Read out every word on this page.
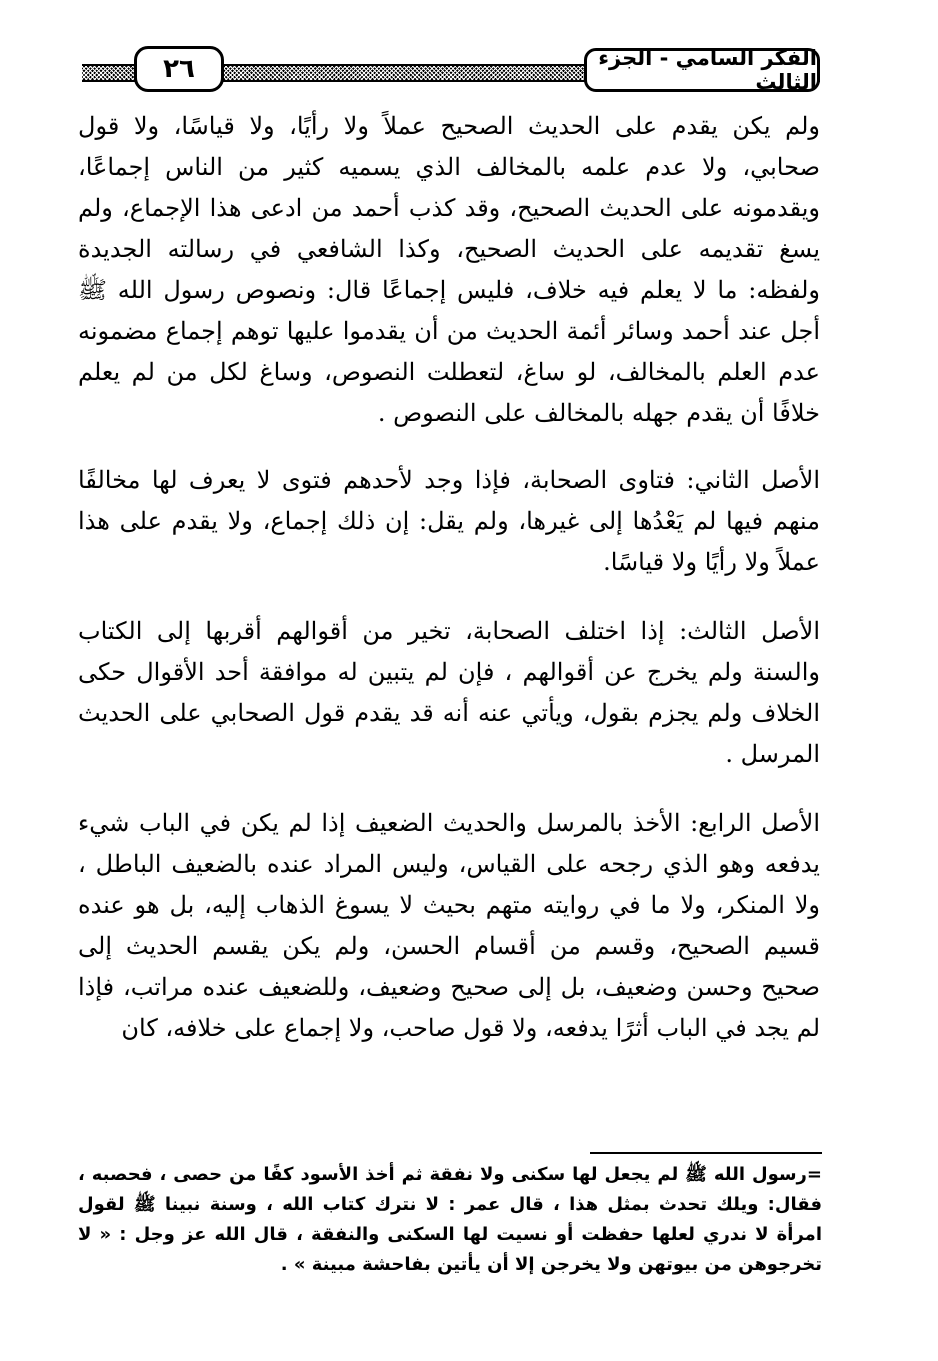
الفكر السامي - الجزء الثالث
٢٦

ولم يكن يقدم على الحديث الصحيح عملاً ولا رأيًا، ولا قياسًا، ولا قول صحابي، ولا عدم علمه بالمخالف الذي يسميه كثير من الناس إجماعًا، ويقدمونه على الحديث الصحيح، وقد كذب أحمد من ادعى هذا الإجماع، ولم يسغ تقديمه على الحديث الصحيح، وكذا الشافعي في رسالته الجديدة ولفظه: ما لا يعلم فيه خلاف، فليس إجماعًا قال: ونصوص رسول الله ﷺ أجل عند أحمد وسائر أئمة الحديث من أن يقدموا عليها توهم إجماع مضمونه عدم العلم بالمخالف، لو ساغ، لتعطلت النصوص، وساغ لكل من لم يعلم خلافًا أن يقدم جهله بالمخالف على النصوص .

الأصل الثاني: فتاوى الصحابة، فإذا وجد لأحدهم فتوى لا يعرف لها مخالفًا منهم فيها لم يَعْدُها إلى غيرها، ولم يقل: إن ذلك إجماع، ولا يقدم على هذا عملاً ولا رأيًا ولا قياسًا.

الأصل الثالث: إذا اختلف الصحابة، تخير من أقوالهم أقربها إلى الكتاب والسنة ولم يخرج عن أقوالهم ، فإن لم يتبين له موافقة أحد الأقوال حكى الخلاف ولم يجزم بقول، ويأتي عنه أنه قد يقدم قول الصحابي على الحديث المرسل .

الأصل الرابع: الأخذ بالمرسل والحديث الضعيف إذا لم يكن في الباب شيء يدفعه وهو الذي رجحه على القياس، وليس المراد عنده بالضعيف الباطل ، ولا المنكر، ولا ما في روايته متهم بحيث لا يسوغ الذهاب إليه، بل هو عنده قسيم الصحيح، وقسم من أقسام الحسن، ولم يكن يقسم الحديث إلى صحيح وحسن وضعيف، بل إلى صحيح وضعيف، وللضعيف عنده مراتب، فإذا لم يجد في الباب أثرًا يدفعه، ولا قول صاحب، ولا إجماع على خلافه، كان

=رسول الله ﷺ لم يجعل لها سكنى ولا نفقة ثم أخذ الأسود كفًا من حصى ، فحصبه ، فقال: ويلك تحدث بمثل هذا ، قال عمر : لا نترك كتاب الله ، وسنة نبينا ﷺ لقول امرأة لا ندري لعلها حفظت أو نسيت لها السكنى والنفقة ، قال الله عز وجل : « لا تخرجوهن من بيوتهن ولا يخرجن إلا أن يأتين بفاحشة مبينة » .
